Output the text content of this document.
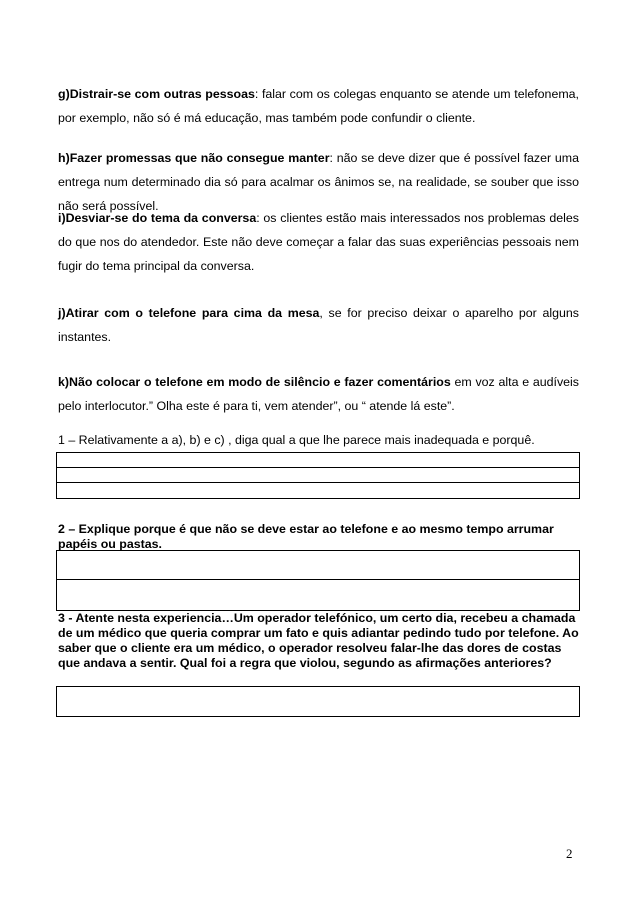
g)Distrair-se com outras pessoas: falar com os colegas enquanto se atende um telefonema, por exemplo, não só é má educação, mas também pode confundir o cliente.

h)Fazer promessas que não consegue manter: não se deve dizer que é possível fazer uma entrega num determinado dia só para acalmar os ânimos se, na realidade, se souber que isso não será possível.

i)Desviar-se do tema da conversa: os clientes estão mais interessados nos problemas deles do que nos do atendedor. Este não deve começar a falar das suas experiências pessoais nem fugir do tema principal da conversa.

j)Atirar com o telefone para cima da mesa, se for preciso deixar o aparelho por alguns instantes.

k)Não colocar o telefone em modo de silêncio e fazer comentários em voz alta e audíveis pelo interlocutor.” Olha este é para ti, vem atender”, ou “ atende lá este”.

1 – Relativamente a a), b) e c) , diga qual a que lhe parece mais inadequada e porquê.

2 – Explique porque é que não se deve estar ao telefone e ao mesmo tempo arrumar papéis ou pastas.

3 - Atente nesta experiencia…Um operador telefónico, um certo dia, recebeu a chamada de um médico que queria comprar um fato e quis adiantar pedindo tudo por telefone. Ao saber que o cliente era um médico, o operador resolveu falar-lhe das dores de costas que andava a sentir. Qual foi a regra que violou, segundo as afirmações anteriores?

2
